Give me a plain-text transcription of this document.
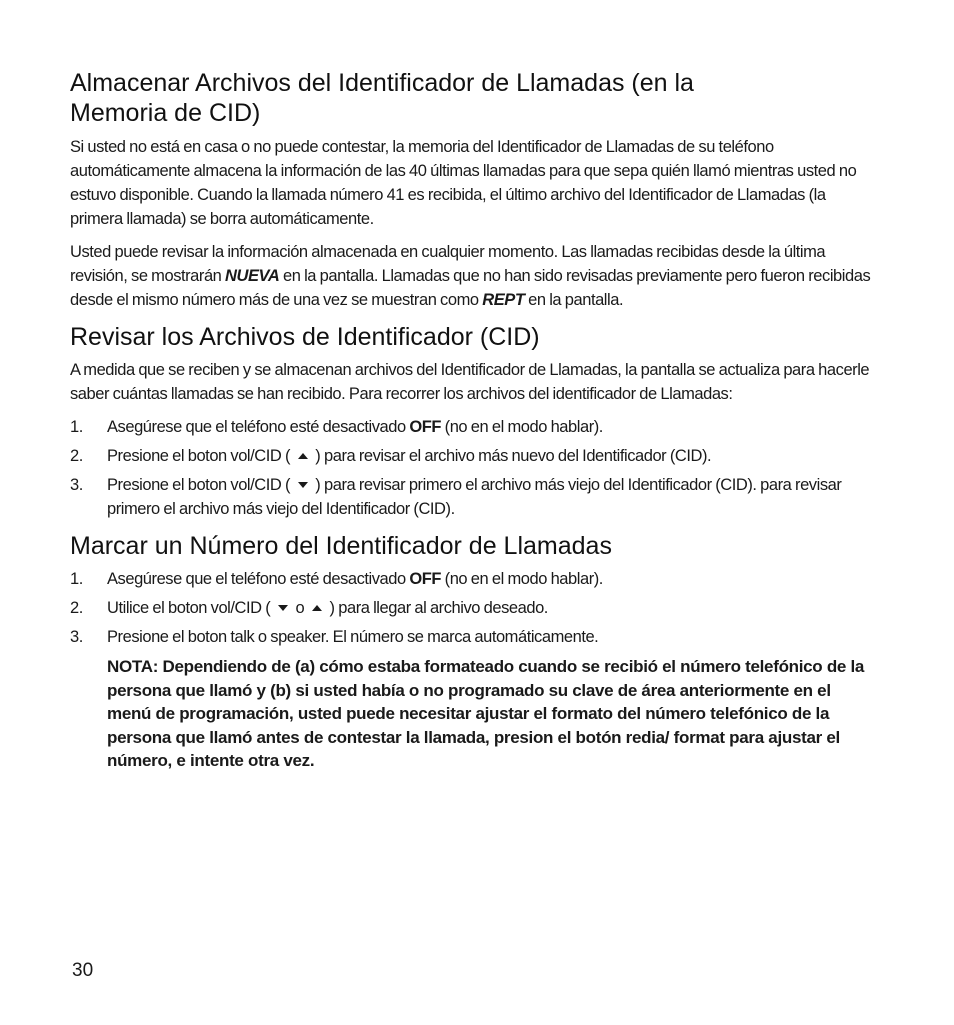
Almacenar Archivos del Identificador de Llamadas (en la
Memoria de CID)

Si usted no está en casa o no puede contestar, la memoria del Identificador de Llamadas de su teléfono automáticamente almacena la información de las 40 últimas llamadas para que sepa quién llamó mientras usted no estuvo disponible. Cuando la llamada número 41 es recibida, el último archivo del Identificador de Llamadas (la primera llamada) se borra automáticamente.

Usted puede revisar la información almacenada en cualquier momento. Las llamadas recibidas desde la última revisión, se mostrarán NUEVA en la pantalla. Llamadas que no han sido revisadas previamente pero fueron recibidas desde el mismo número más de una vez se muestran como REPT en la pantalla.

Revisar los Archivos de Identificador (CID)

A medida que se reciben y se almacenan archivos del Identificador de Llamadas, la pantalla se actualiza para hacerle saber cuántas llamadas se han recibido. Para recorrer los archivos del identificador de Llamadas:

1. Asegúrese que el teléfono esté desactivado OFF (no en el modo hablar).
2. Presione el boton vol/CID (  ) para revisar el archivo más nuevo del Identificador (CID).
3. Presione el boton vol/CID (  ) para revisar primero el archivo más viejo del Identificador (CID). para revisar primero el archivo más viejo del Identificador (CID).
Marcar un Número del Identificador de Llamadas
1. Asegúrese que el teléfono esté desactivado OFF (no en el modo hablar).
2. Utilice el boton vol/CID (  o  ) para llegar al archivo deseado.
3. Presione el boton talk o speaker. El número se marca automáticamente.
NOTA: Dependiendo de (a) cómo estaba formateado cuando se recibió el número telefónico de la persona que llamó y (b) si usted había o no programado su clave de área anteriormente en el menú de programación, usted puede necesitar ajustar el formato del número telefónico de la persona que llamó antes de contestar la llamada, presion el botón redia/ format para ajustar el número, e intente otra vez.
30
